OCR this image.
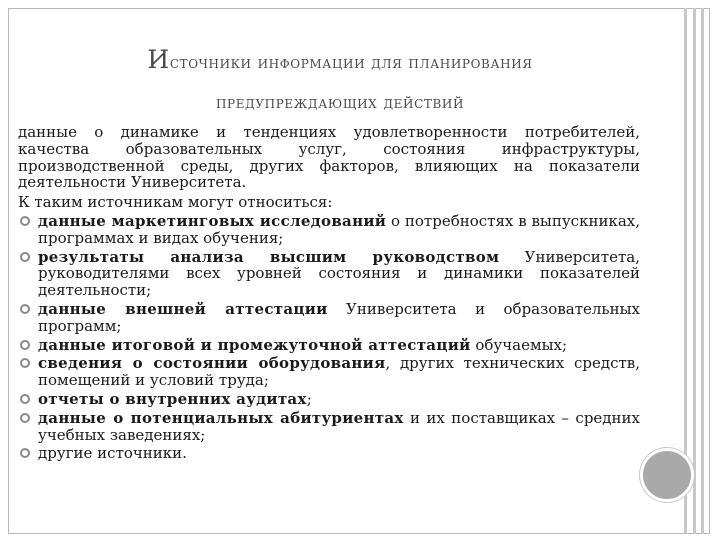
Источники информации для планирования
предупреждающих действий
данные о динамике и тенденциях удовлетворенности потребителей, качества образовательных услуг, состояния инфраструктуры, производственной среды, других факторов, влияющих на показатели деятельности Университета.
К таким источникам могут относиться:
данные маркетинговых исследований о потребностях в выпускниках, программах и видах обучения;
результаты анализа высшим руководством Университета, руководителями всех уровней состояния и динамики показателей деятельности;
данные внешней аттестации Университета и образовательных программ;
данные итоговой и промежуточной аттестаций обучаемых;
сведения о состоянии оборудования, других технических средств, помещений и условий труда;
отчеты о внутренних аудитах;
данные о потенциальных абитуриентах и их поставщиках – средних учебных заведениях;
другие источники.
